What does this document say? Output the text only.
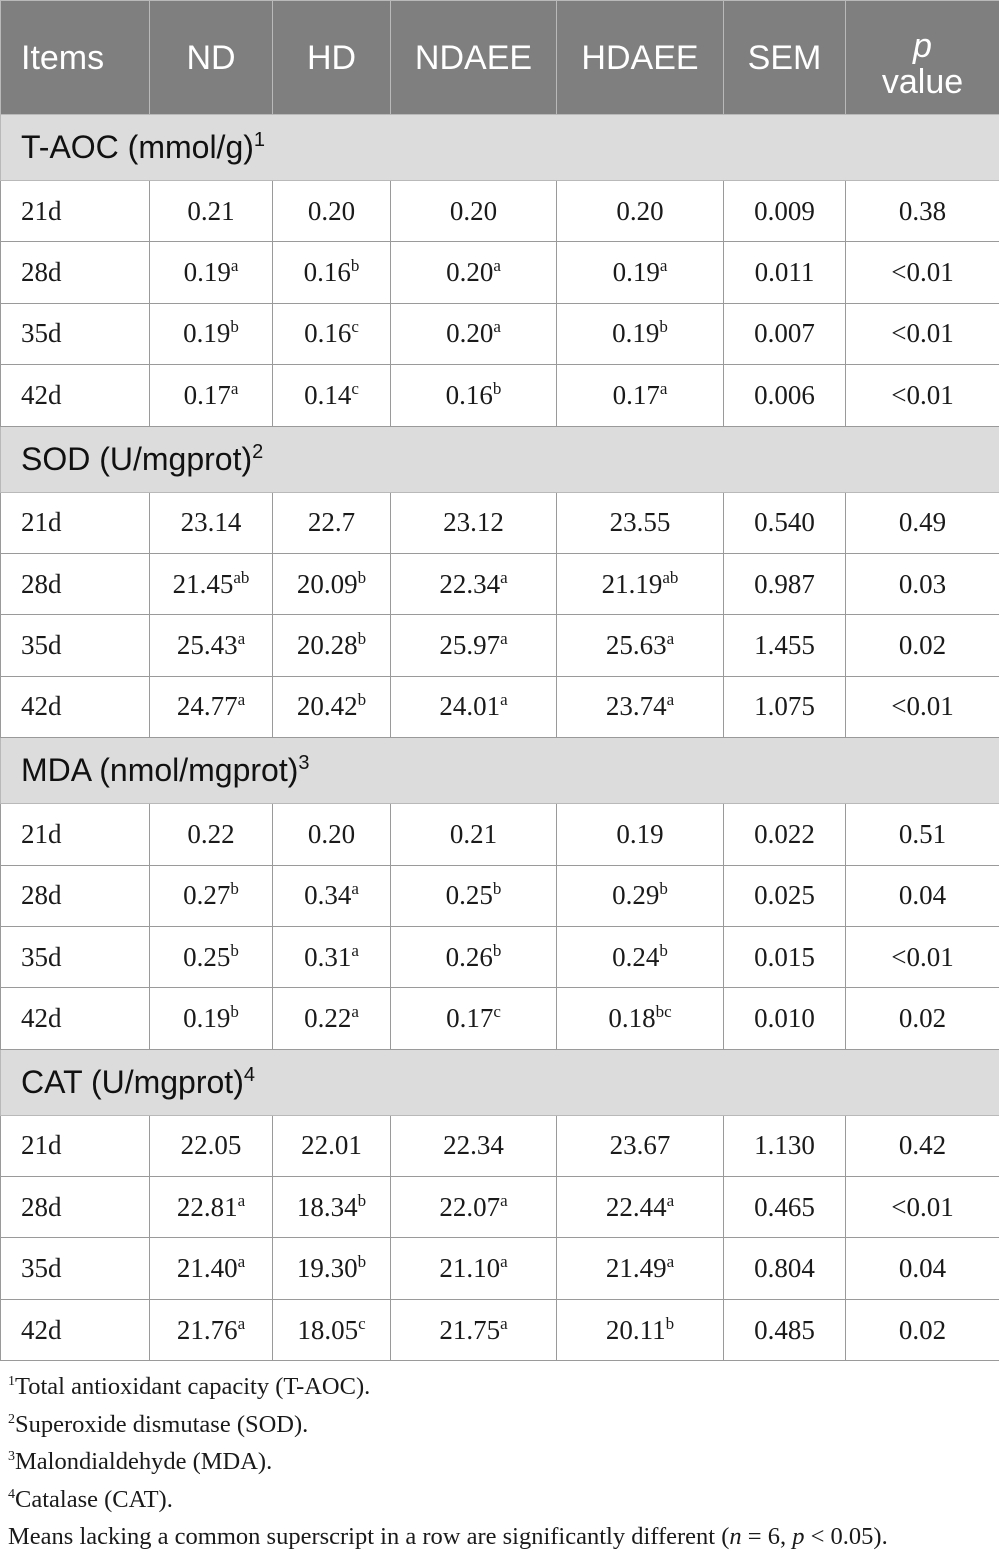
Items	ND	HD	NDAEE	HDAEE	SEM	p
value
T-AOC (mmol/g)$^1$
21d	0.21	0.20	0.20	0.20	0.009	0.38
28d	0.19$^a$	0.16$^b$	0.20$^a$	0.19$^a$	0.011	<0.01
35d	0.19$^b$	0.16$^c$	0.20$^a$	0.19$^b$	0.007	<0.01
42d	0.17$^a$	0.14$^c$	0.16$^b$	0.17$^a$	0.006	<0.01
SOD (U/mgprot)$^2$
21d	23.14	22.7	23.12	23.55	0.540	0.49
28d	21.45$^{ab}$	20.09$^b$	22.34$^a$	21.19$^{ab}$	0.987	0.03
35d	25.43$^a$	20.28$^b$	25.97$^a$	25.63$^a$	1.455	0.02
42d	24.77$^a$	20.42$^b$	24.01$^a$	23.74$^a$	1.075	<0.01
MDA (nmol/mgprot)$^3$
21d	0.22	0.20	0.21	0.19	0.022	0.51
28d	0.27$^b$	0.34$^a$	0.25$^b$	0.29$^b$	0.025	0.04
35d	0.25$^b$	0.31$^a$	0.26$^b$	0.24$^b$	0.015	<0.01
42d	0.19$^b$	0.22$^a$	0.17$^c$	0.18$^{bc}$	0.010	0.02
CAT (U/mgprot)$^4$
21d	22.05	22.01	22.34	23.67	1.130	0.42
28d	22.81$^a$	18.34$^b$	22.07$^a$	22.44$^a$	0.465	<0.01
35d	21.40$^a$	19.30$^b$	21.10$^a$	21.49$^a$	0.804	0.04
42d	21.76$^a$	18.05$^c$	21.75$^a$	20.11$^b$	0.485	0.02

$^1$Total antioxidant capacity (T-AOC).

$^2$Superoxide dismutase (SOD).

$^3$Malondialdehyde (MDA).

$^4$Catalase (CAT).

Means lacking a common superscript in a row are significantly different (n = 6, p < 0.05).
